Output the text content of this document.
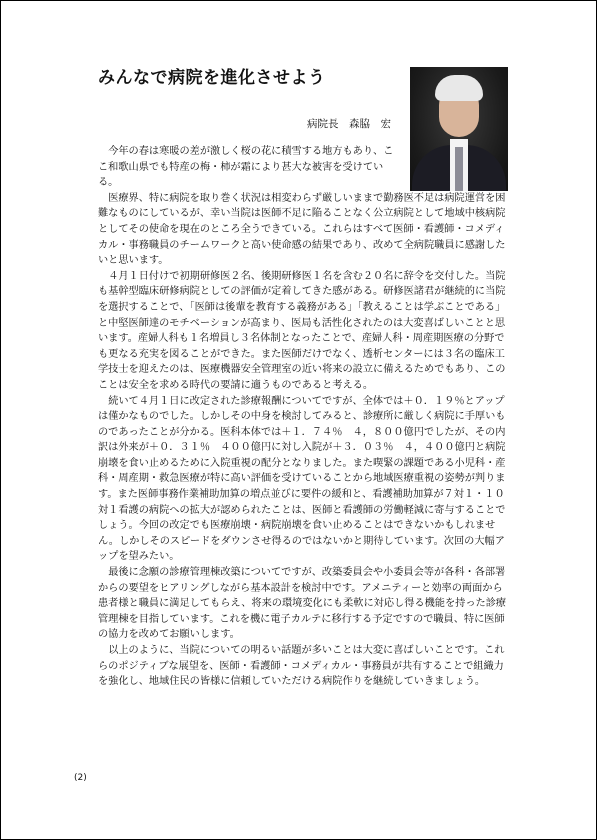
みんなで病院を進化させよう
病院長　森脇　宏

今年の春は寒暖の差が激しく桜の花に積雪する地方もあり、ここ和歌山県でも特産の梅・柿が霜により甚大な被害を受けている。

医療界、特に病院を取り巻く状況は相変わらず厳しいままで勤務医不足は病院運営を困難なものにしているが、幸い当院は医師不足に陥ることなく公立病院として地域中核病院としてその使命を現在のところ全うできている。これらはすべて医師・看護師・コメディカル・事務職員のチームワークと高い使命感の結果であり、改めて全病院職員に感謝したいと思います。

４月１日付けで初期研修医２名、後期研修医１名を含む２０名に辞令を交付した。当院も基幹型臨床研修病院としての評価が定着してきた感がある。研修医諸君が継続的に当院を選択することで、「医師は後輩を教育する義務がある」「教えることは学ぶことである」と中堅医師達のモチベーションが高まり、医局も活性化されたのは大変喜ばしいことと思います。産婦人科も１名増員し３名体制となったことで、産婦人科・周産期医療の分野でも更なる充実を図ることができた。また医師だけでなく、透析センターには３名の臨床工学技士を迎えたのは、医療機器安全管理室の近い将来の設立に備えるためでもあり、このことは安全を求める時代の要請に適うものであると考える。

続いて４月１日に改定された診療報酬についてですが、全体では＋０．１９％とアップは僅かなものでした。しかしその中身を検討してみると、診療所に厳しく病院に手厚いものであったことが分かる。医科本体では＋１．７４％　４，８００億円でしたが、その内訳は外来が＋０．３１％　４００億円に対し入院が＋３．０３％　４，４００億円と病院崩壊を食い止めるために入院重視の配分となりました。また喫緊の課題である小児科・産科・周産期・救急医療が特に高い評価を受けていることから地域医療重視の姿勢が判ります。また医師事務作業補助加算の増点並びに要件の緩和と、看護補助加算が７対１・１０対１看護の病院への拡大が認められたことは、医師と看護師の労働軽減に寄与することでしょう。今回の改定でも医療崩壊・病院崩壊を食い止めることはできないかもしれません。しかしそのスピードをダウンさせ得るのではないかと期待しています。次回の大幅アップを望みたい。

最後に念願の診療管理棟改築についてですが、改築委員会や小委員会等が各科・各部署からの要望をヒアリングしながら基本設計を検討中です。アメニティーと効率の両面から患者様と職員に満足してもらえ、将来の環境変化にも柔軟に対応し得る機能を持った診療管理棟を目指しています。これを機に電子カルテに移行する予定ですので職員、特に医師の協力を改めてお願いします。

以上のように、当院についての明るい話題が多いことは大変に喜ばしいことです。これらのポジティブな展望を、医師・看護師・コメディカル・事務員が共有することで組織力を強化し、地域住民の皆様に信頼していただける病院作りを継続していきましょう。

(2)
